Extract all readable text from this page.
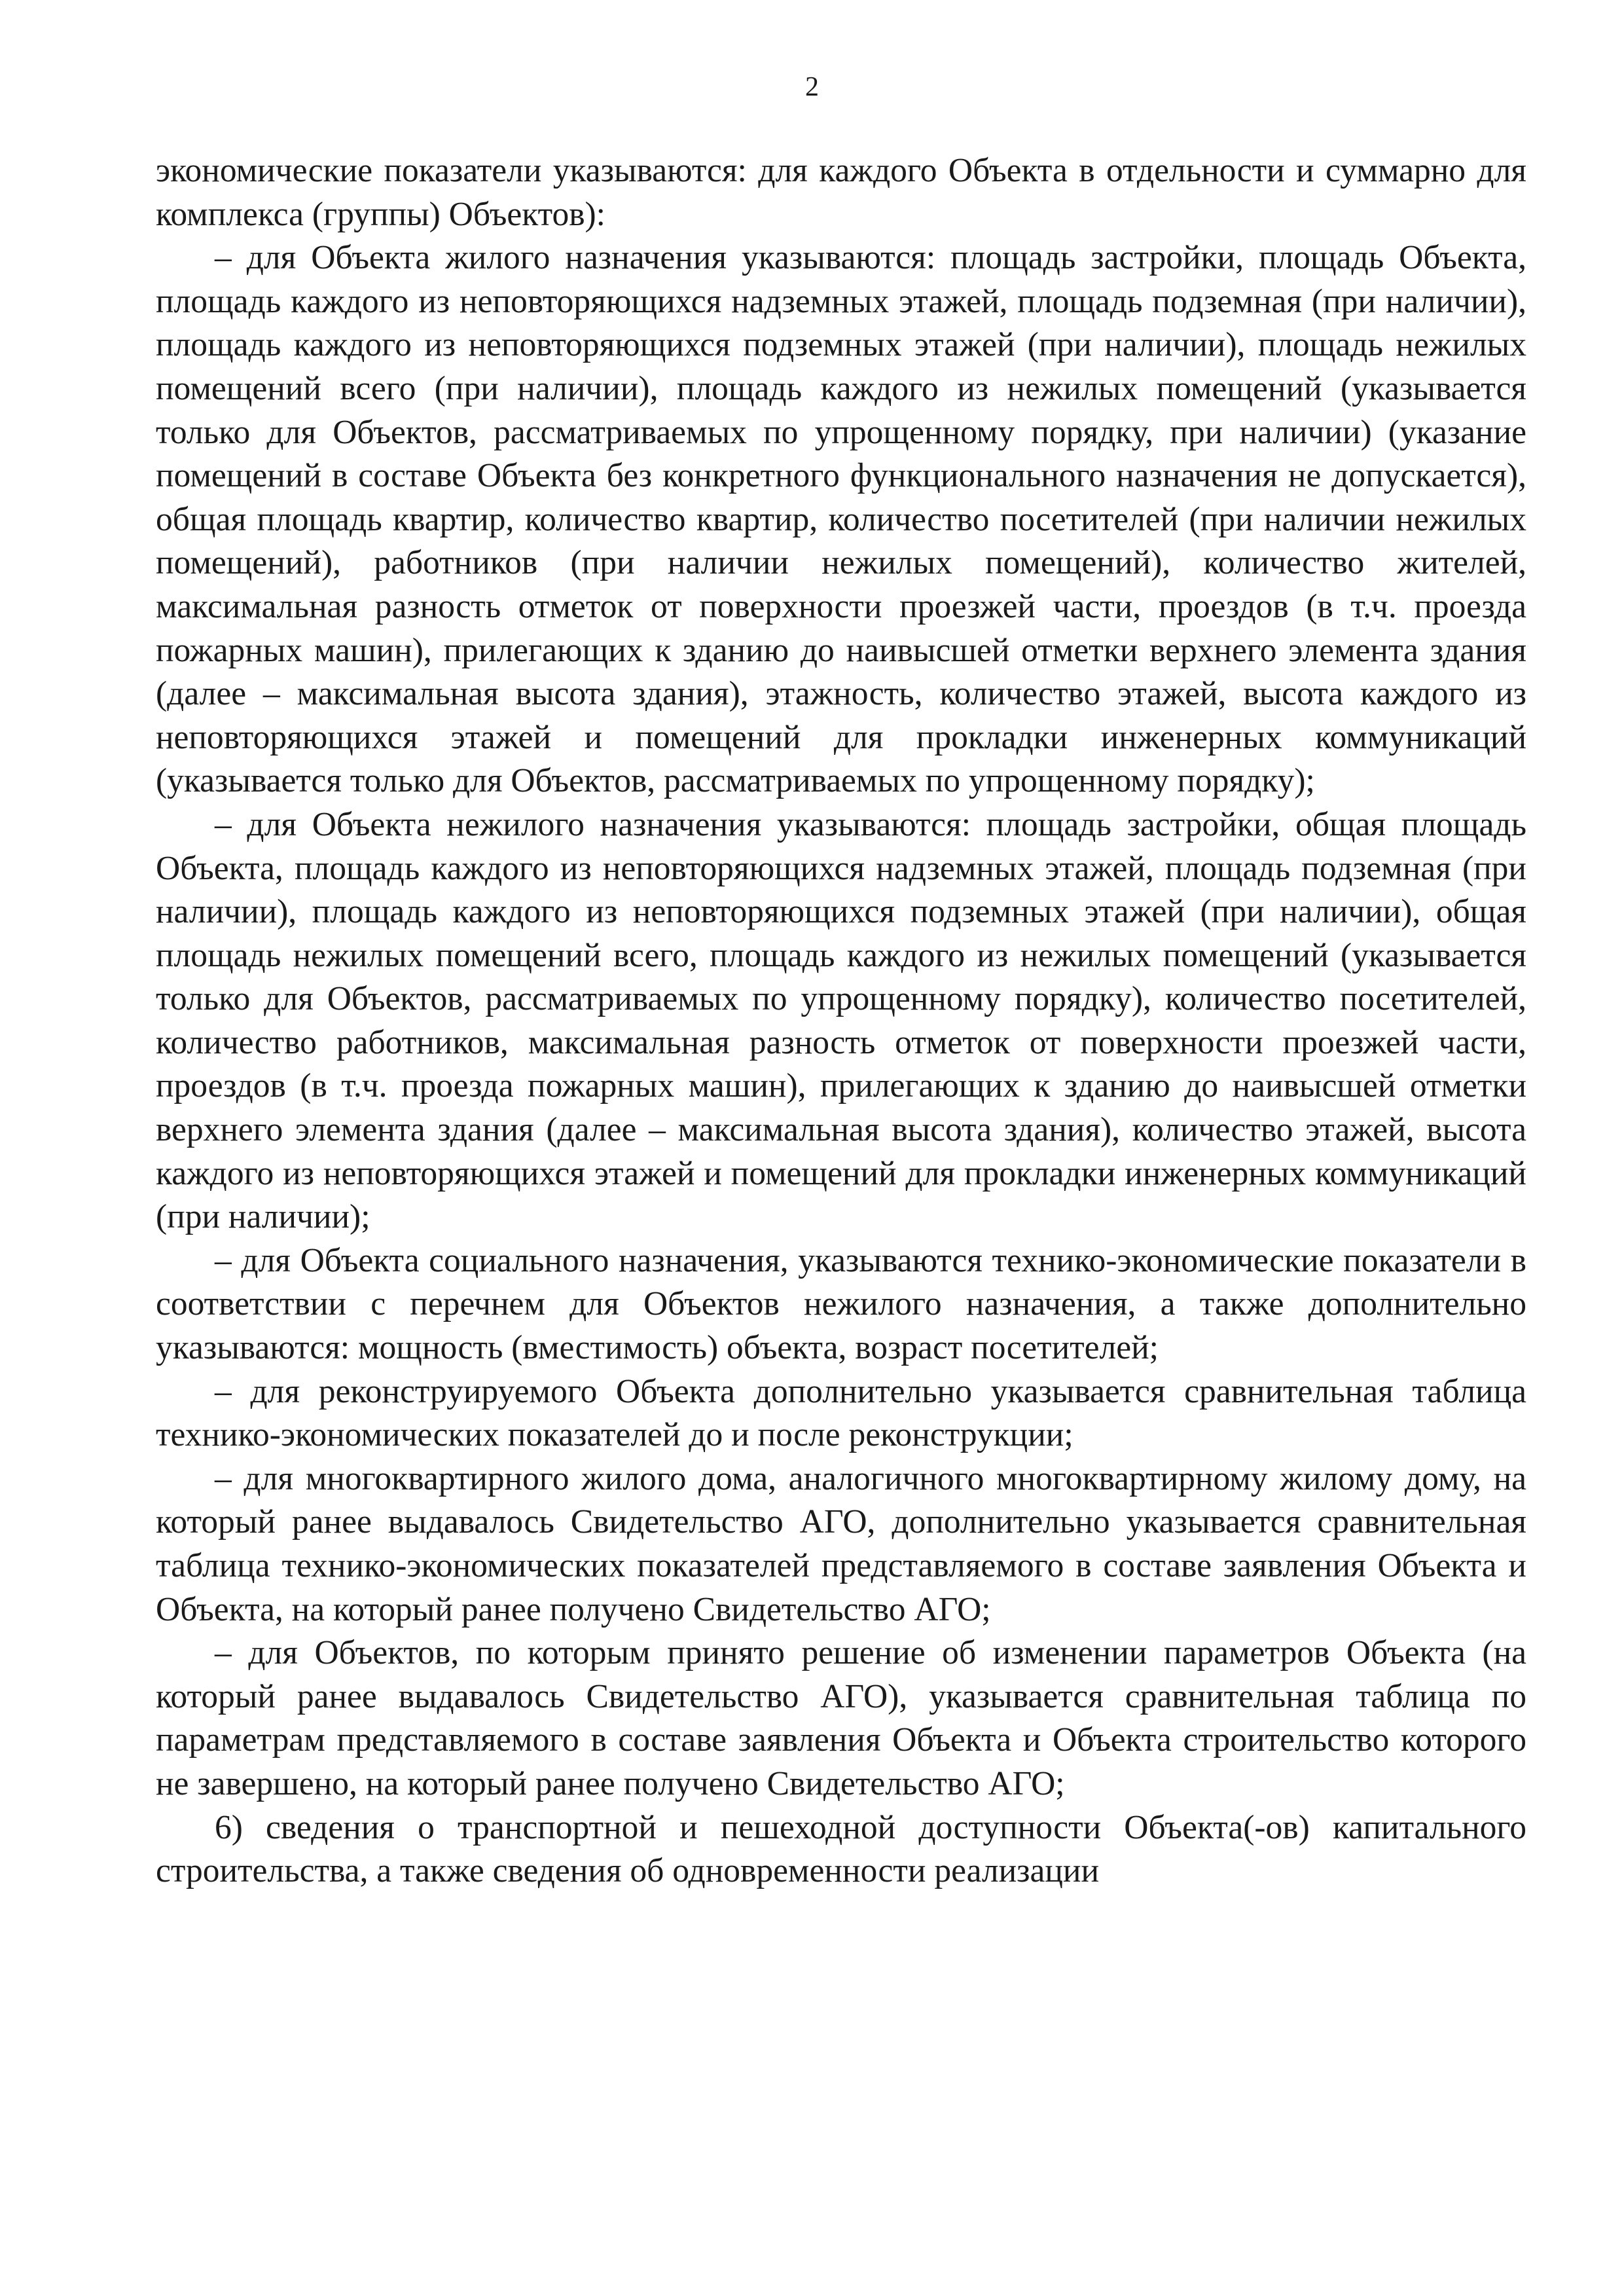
2

экономические показатели указываются: для каждого Объекта в отдельности и суммарно для комплекса (группы) Объектов):

– для Объекта жилого назначения указываются: площадь застройки, площадь Объекта, площадь каждого из неповторяющихся надземных этажей, площадь подземная (при наличии), площадь каждого из неповторяющихся подземных этажей (при наличии), площадь нежилых помещений всего (при наличии), площадь каждого из нежилых помещений (указывается только для Объектов, рассматриваемых по упрощенному порядку, при наличии) (указание помещений в составе Объекта без конкретного функционального назначения не допускается), общая площадь квартир, количество квартир, количество посетителей (при наличии нежилых помещений), работников (при наличии нежилых помещений), количество жителей, максимальная разность отметок от поверхности проезжей части, проездов (в т.ч. проезда пожарных машин), прилегающих к зданию до наивысшей отметки верхнего элемента здания (далее – максимальная высота здания), этажность, количество этажей, высота каждого из неповторяющихся этажей и помещений для прокладки инженерных коммуникаций (указывается только для Объектов, рассматриваемых по упрощенному порядку);

– для Объекта нежилого назначения указываются: площадь застройки, общая площадь Объекта, площадь каждого из неповторяющихся надземных этажей, площадь подземная (при наличии), площадь каждого из неповторяющихся подземных этажей (при наличии), общая площадь нежилых помещений всего, площадь каждого из нежилых помещений (указывается только для Объектов, рассматриваемых по упрощенному порядку), количество посетителей, количество работников, максимальная разность отметок от поверхности проезжей части, проездов (в т.ч. проезда пожарных машин), прилегающих к зданию до наивысшей отметки верхнего элемента здания (далее – максимальная высота здания), количество этажей, высота каждого из неповторяющихся этажей и помещений для прокладки инженерных коммуникаций (при наличии);

– для Объекта социального назначения, указываются технико-экономические показатели в соответствии с перечнем для Объектов нежилого назначения, а также дополнительно указываются: мощность (вместимость) объекта, возраст посетителей;

– для реконструируемого Объекта дополнительно указывается сравнительная таблица технико-экономических показателей до и после реконструкции;

– для многоквартирного жилого дома, аналогичного многоквартирному жилому дому, на который ранее выдавалось Свидетельство АГО, дополнительно указывается сравнительная таблица технико-экономических показателей представляемого в составе заявления Объекта и Объекта, на который ранее получено Свидетельство АГО;

– для Объектов, по которым принято решение об изменении параметров Объекта (на который ранее выдавалось Свидетельство АГО), указывается сравнительная таблица по параметрам представляемого в составе заявления Объекта и Объекта строительство которого не завершено, на который ранее получено Свидетельство АГО;

6) сведения о транспортной и пешеходной доступности Объекта(-ов) капитального строительства, а также сведения об одновременности реализации
